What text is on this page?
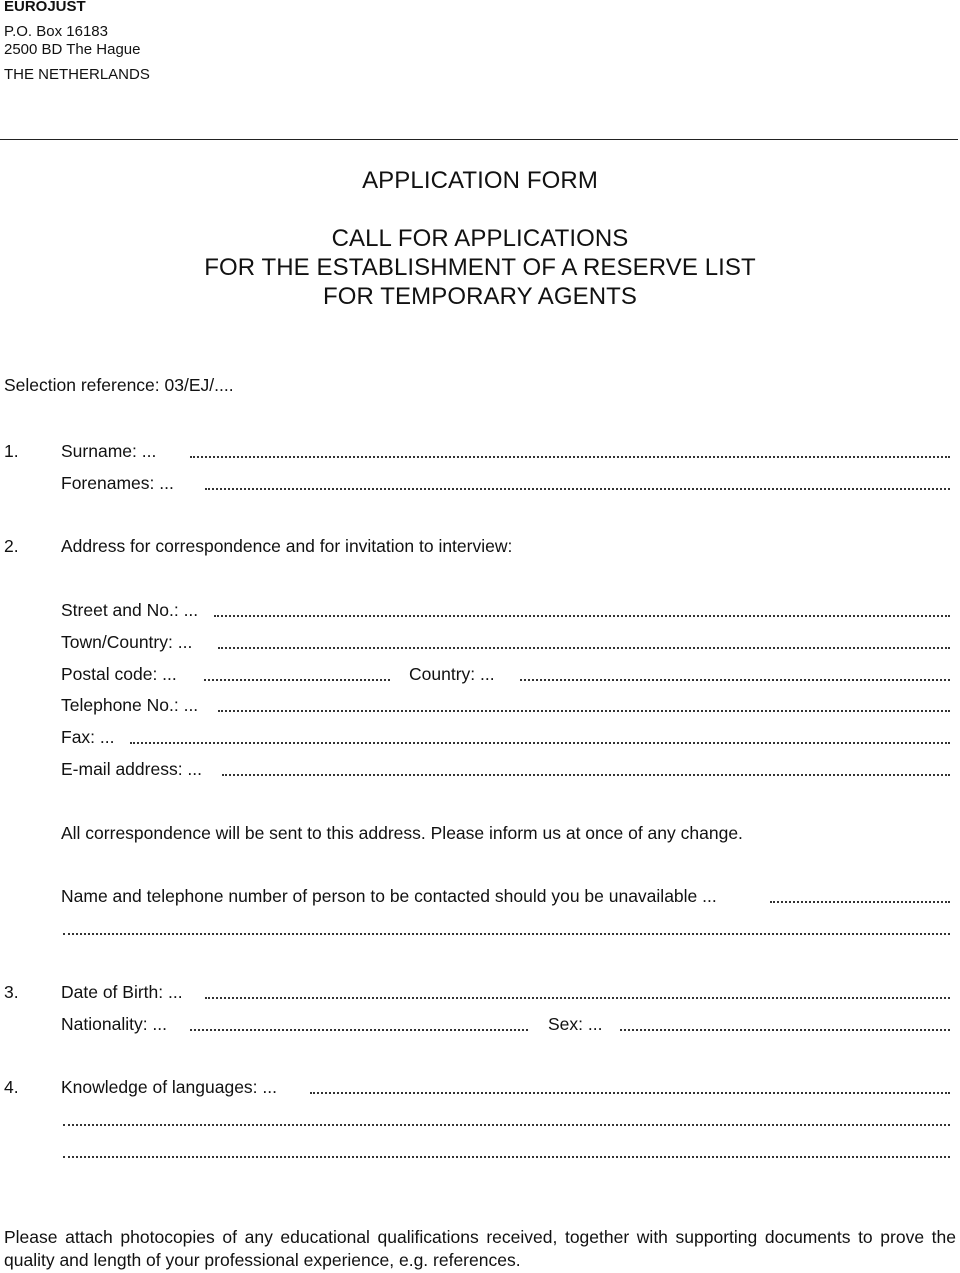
EUROJUST
P.O. Box 16183
2500 BD The Hague
THE NETHERLANDS
APPLICATION FORM
CALL FOR APPLICATIONS
FOR THE ESTABLISHMENT OF A RESERVE LIST
FOR TEMPORARY AGENTS
Selection reference: 03/EJ/....
1. Surname: ...
Forenames: ...
2. Address for correspondence and for invitation to interview:
Street and No.: ...
Town/Country: ...
Postal code: ...	Country: ...
Telephone No.: ...
Fax: ...
E-mail address: ...
All correspondence will be sent to this address. Please inform us at once of any change.
Name and telephone number of person to be contacted should you be unavailable ...
3. Date of Birth: ...
Nationality: ...	Sex: ...
4. Knowledge of languages: ...
Please attach photocopies of any educational qualifications received, together with supporting documents to prove the quality and length of your professional experience, e.g. references.
